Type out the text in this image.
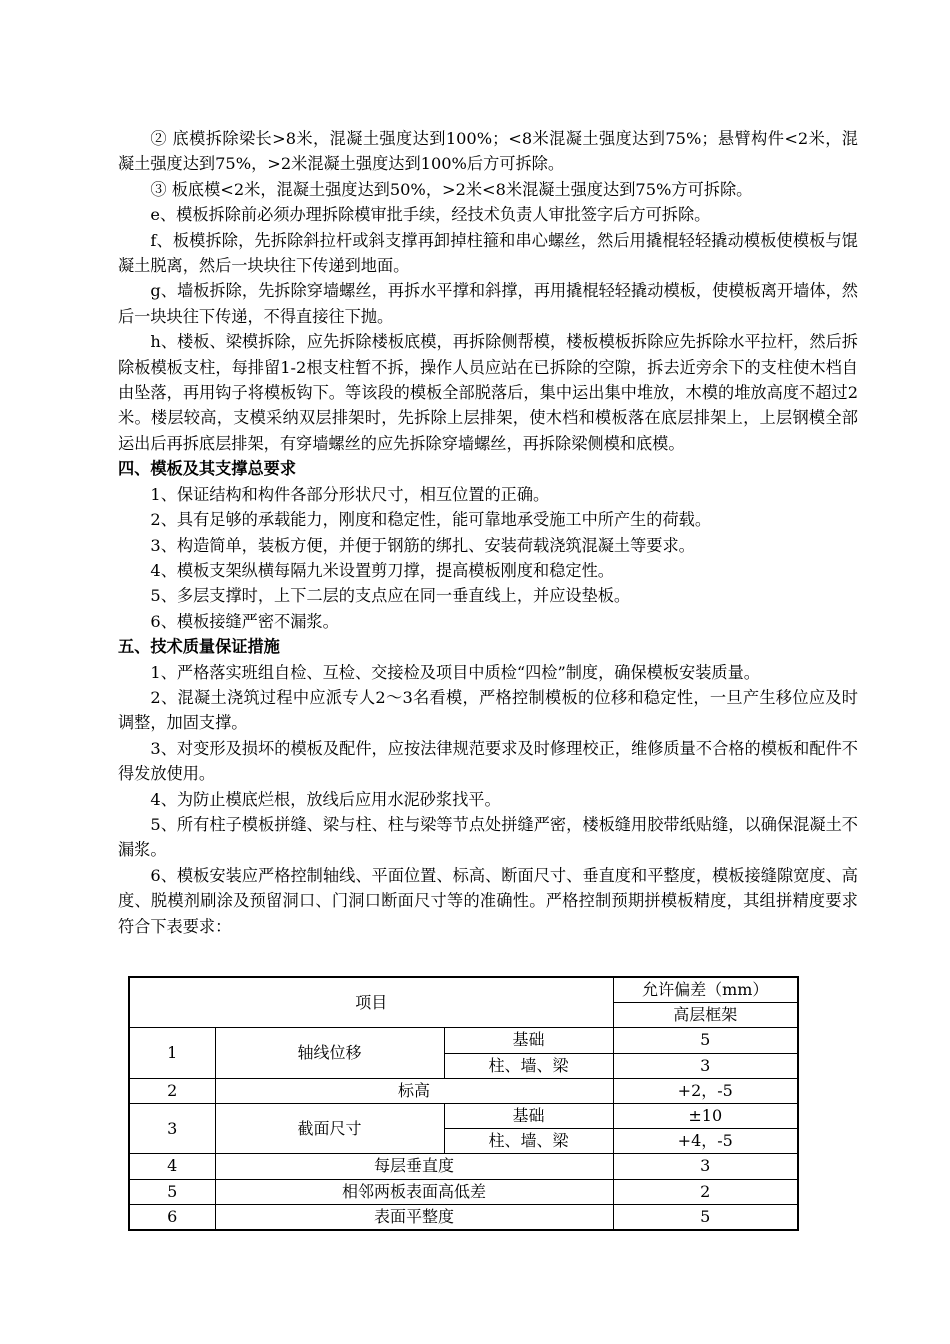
② 底模拆除梁长>8米，混凝土强度达到100%；<8米混凝土强度达到75%；悬臂构件<2米，混凝土强度达到75%，>2米混凝土强度达到100%后方可拆除。

③ 板底模<2米，混凝土强度达到50%，>2米<8米混凝土强度达到75%方可拆除。

e、模板拆除前必须办理拆除模审批手续，经技术负责人审批签字后方可拆除。

f、板模拆除，先拆除斜拉杆或斜支撑再卸掉柱箍和串心螺丝，然后用撬棍轻轻撬动模板使模板与馄凝土脱离，然后一块块往下传递到地面。

g、墙板拆除，先拆除穿墙螺丝，再拆水平撑和斜撑，再用撬棍轻轻撬动模板，使模板离开墙体，然后一块块往下传递，不得直接往下抛。

h、楼板、梁模拆除，应先拆除楼板底模，再拆除侧帮模，楼板模板拆除应先拆除水平拉杆，然后拆除板模板支柱，每排留1-2根支柱暂不拆，操作人员应站在已拆除的空隙，拆去近旁余下的支柱使木档自由坠落，再用钩子将模板钩下。等该段的模板全部脱落后，集中运出集中堆放，木模的堆放高度不超过2米。楼层较高，支模采纳双层排架时，先拆除上层排架，使木档和模板落在底层排架上，上层钢模全部运出后再拆底层排架，有穿墙螺丝的应先拆除穿墙螺丝，再拆除梁侧模和底模。

四、模板及其支撑总要求

1、保证结构和构件各部分形状尺寸，相互位置的正确。

2、具有足够的承载能力，刚度和稳定性，能可靠地承受施工中所产生的荷载。

3、构造简单，装板方便，并便于钢筋的绑扎、安装荷载浇筑混凝土等要求。

4、模板支架纵横每隔九米设置剪刀撑，提高模板刚度和稳定性。

5、多层支撑时，上下二层的支点应在同一垂直线上，并应设垫板。

6、模板接缝严密不漏浆。

五、技术质量保证措施

1、严格落实班组自检、互检、交接检及项目中质检“四检”制度，确保模板安装质量。

2、混凝土浇筑过程中应派专人2～3名看模，严格控制模板的位移和稳定性，一旦产生移位应及时调整，加固支撑。

3、对变形及损坏的模板及配件，应按法律规范要求及时修理校正，维修质量不合格的模板和配件不得发放使用。

4、为防止模底烂根，放线后应用水泥砂浆找平。

5、所有柱子模板拼缝、梁与柱、柱与梁等节点处拼缝严密，楼板缝用胶带纸贴缝，以确保混凝土不漏浆。

6、模板安装应严格控制轴线、平面位置、标高、断面尺寸、垂直度和平整度，模板接缝隙宽度、高度、脱模剂刷涂及预留洞口、门洞口断面尺寸等的准确性。严格控制预期拼模板精度，其组拼精度要求符合下表要求：

项目			允许偏差（mm）
			高层框架
1	轴线位移	基础	5
		柱、墙、梁	3
2	标高		+2，-5
3	截面尺寸	基础	±10
		柱、墙、梁	+4，-5
4	每层垂直度		3
5	相邻两板表面高低差		2
6	表面平整度		5
